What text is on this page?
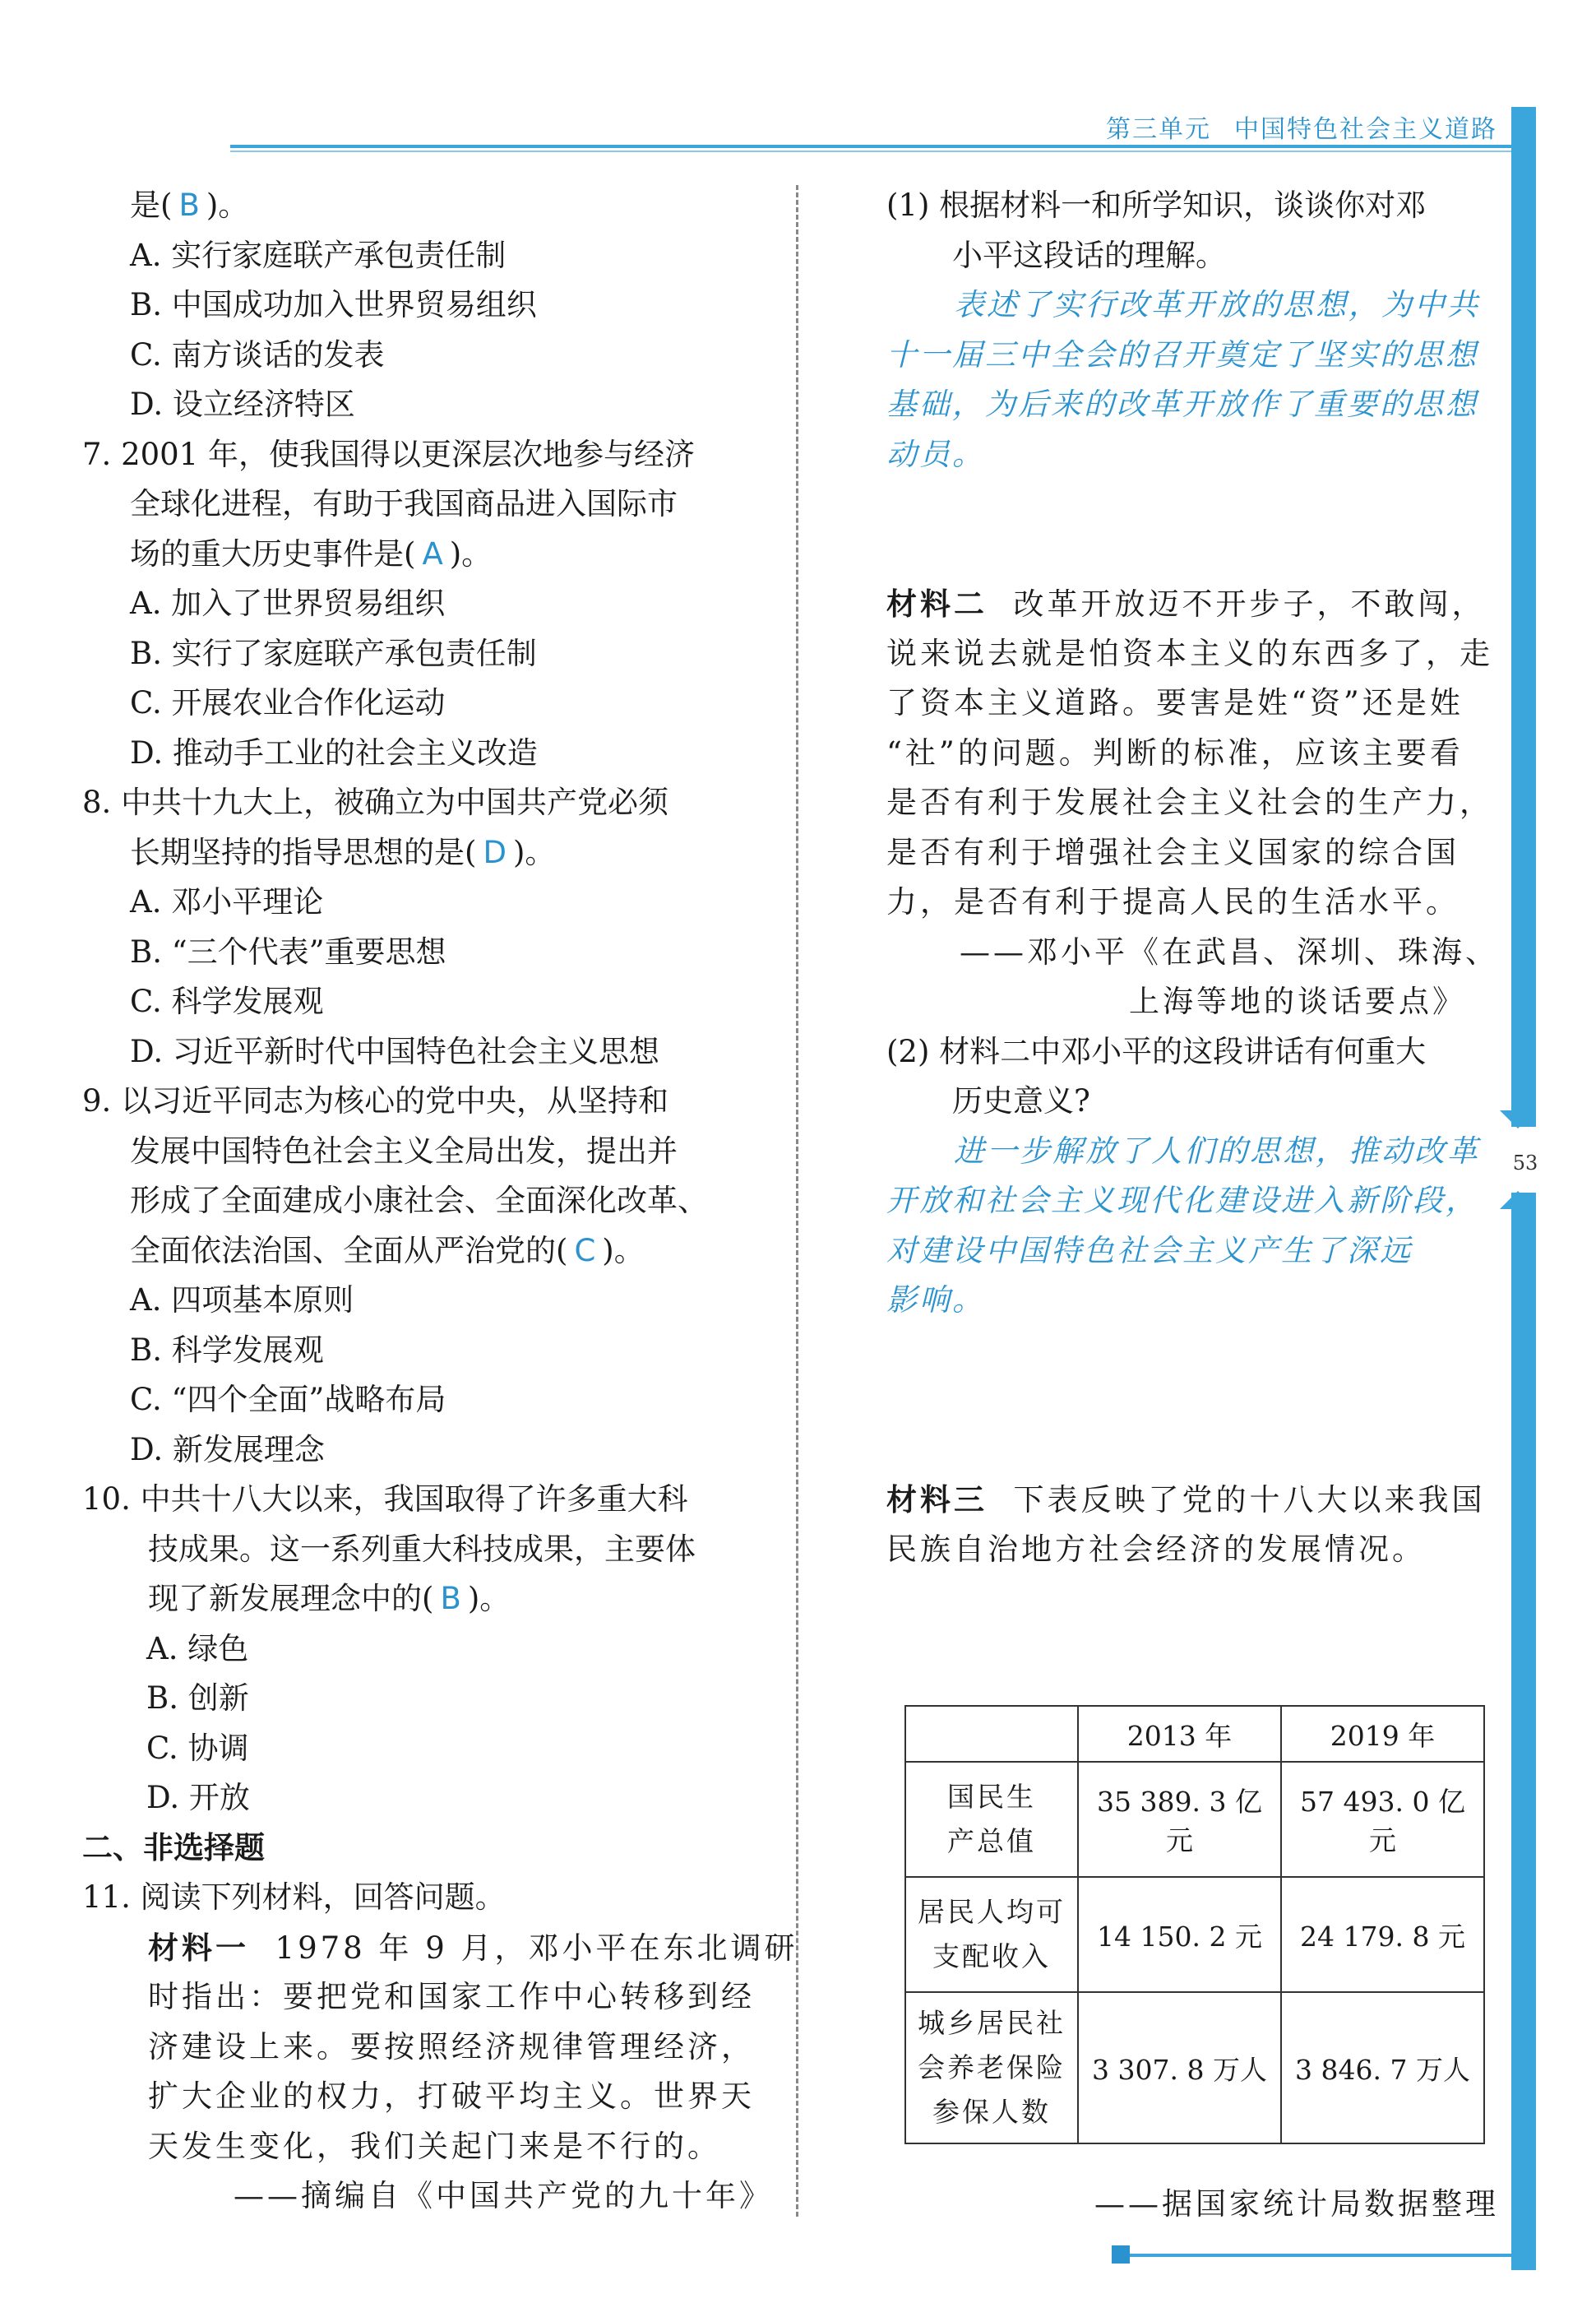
第三单元 中国特色社会主义道路
53
是( B )。
A. 实行家庭联产承包责任制
B. 中国成功加入世界贸易组织
C. 南方谈话的发表
D. 设立经济特区
7. 2001 年，使我国得以更深层次地参与经济
全球化进程，有助于我国商品进入国际市
场的重大历史事件是( A )。
A. 加入了世界贸易组织
B. 实行了家庭联产承包责任制
C. 开展农业合作化运动
D. 推动手工业的社会主义改造
8. 中共十九大上，被确立为中国共产党必须
长期坚持的指导思想的是( D )。
A. 邓小平理论
B. “三个代表”重要思想
C. 科学发展观
D. 习近平新时代中国特色社会主义思想
9. 以习近平同志为核心的党中央，从坚持和
发展中国特色社会主义全局出发，提出并
形成了全面建成小康社会、全面深化改革、
全面依法治国、全面从严治党的( C )。
A. 四项基本原则
B. 科学发展观
C. “四个全面”战略布局
D. 新发展理念
10. 中共十八大以来，我国取得了许多重大科
技成果。这一系列重大科技成果，主要体
现了新发展理念中的( B )。
A. 绿色
B. 创新
C. 协调
D. 开放
二、非选择题
11. 阅读下列材料，回答问题。
材料一 1978 年 9 月，邓小平在东北调研
时指出：要把党和国家工作中心转移到经
济建设上来。要按照经济规律管理经济，
扩大企业的权力，打破平均主义。世界天
天发生变化，我们关起门来是不行的。
——摘编自《中国共产党的九十年》
(1) 根据材料一和所学知识，谈谈你对邓
小平这段话的理解。
表述了实行改革开放的思想，为中共
十一届三中全会的召开奠定了坚实的思想
基础，为后来的改革开放作了重要的思想
动员。
材料二 改革开放迈不开步子，不敢闯，
说来说去就是怕资本主义的东西多了，走
了资本主义道路。要害是姓“资”还是姓
“社”的问题。判断的标准，应该主要看
是否有利于发展社会主义社会的生产力，
是否有利于增强社会主义国家的综合国
力，是否有利于提高人民的生活水平。
——邓小平《在武昌、深圳、珠海、
上海等地的谈话要点》
(2) 材料二中邓小平的这段讲话有何重大
历史意义?
进一步解放了人们的思想，推动改革
开放和社会主义现代化建设进入新阶段，
对建设中国特色社会主义产生了深远
影响。
材料三 下表反映了党的十八大以来我国
民族自治地方社会经济的发展情况。
	2013 年	2019 年

国民生
产总值	35 389. 3 亿元	57 493. 0 亿元

居民人均可
支配收入	14 150. 2 元	24 179. 8 元

城乡居民社
会养老保险
参保人数	3 307. 8 万人	3 846. 7 万人
——据国家统计局数据整理
